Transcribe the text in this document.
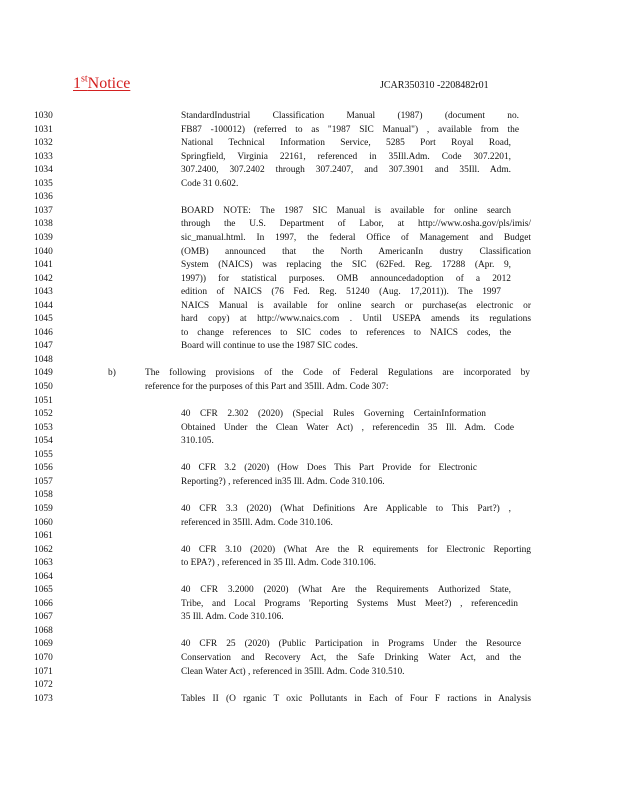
1stNotice	JCAR350310 -2208482r01
1030
1031
1032
1033
1034
1035
1036
1037
1038
1039
1040
1041
1042
1043
1044
1045
1046
1047
1048
1049
1050
1051
1052
1053
1054
1055
1056
1057
1058
1059
1060
1061
1062
1063
1064
1065
1066
1067
1068
1069
1070
1071
1072
1073
StandardIndustrial Classification Manual (1987) (document no.
FB87 -100012) (referred to as "1987 SIC Manual") , available from the
National Technical Information Service, 5285 Port Royal Road,
Springfield, Virginia 22161, referenced in 35Ill.Adm. Code 307.2201,
307.2400, 307.2402 through 307.2407, and 307.3901 and 35Ill. Adm.
Code 31 0.602.
BOARD NOTE: The 1987 SIC Manual is available for online search
through the U.S. Department of Labor, at http://www.osha.gov/pls/imis/
sic_manual.html. In 1997, the federal Office of Management and Budget
(OMB) announced that the North AmericanIn dustry Classification
System (NAICS) was replacing the SIC (62Fed. Reg. 17288 (Apr. 9,
1997)) for statistical purposes. OMB announcedadoption of a 2012
edition of NAICS (76 Fed. Reg. 51240 (Aug. 17,2011)). The 1997
NAICS Manual is available for online search or purchase(as electronic or
hard copy) at http://www.naics.com . Until USEPA amends its regulations
to change references to SIC codes to references to NAICS codes, the
Board will continue to use the 1987 SIC codes.
b)	The following provisions of the Code of Federal Regulations are incorporated by
reference for the purposes of this Part and 35Ill. Adm. Code 307:
40 CFR 2.302 (2020) (Special Rules Governing CertainInformation
Obtained Under the Clean Water Act) , referencedin 35 Ill. Adm. Code
310.105.
40 CFR 3.2 (2020) (How Does This Part Provide for Electronic
Reporting?) , referenced in35 Ill. Adm. Code 310.106.
40 CFR 3.3 (2020) (What Definitions Are Applicable to This Part?) ,
referenced in 35Ill. Adm. Code 310.106.
40 CFR 3.10 (2020) (What Are the R equirements for Electronic Reporting
to EPA?) , referenced in 35 Ill. Adm. Code 310.106.
40 CFR 3.2000 (2020) (What Are the Requirements Authorized State,
Tribe, and Local Programs 'Reporting Systems Must Meet?) , referencedin
35 Ill. Adm. Code 310.106.
40 CFR 25 (2020) (Public Participation in Programs Under the Resource
Conservation and Recovery Act, the Safe Drinking Water Act, and the
Clean Water Act) , referenced in 35Ill. Adm. Code 310.510.
Tables II (O rganic T oxic Pollutants in Each of Four F ractions in Analysis
